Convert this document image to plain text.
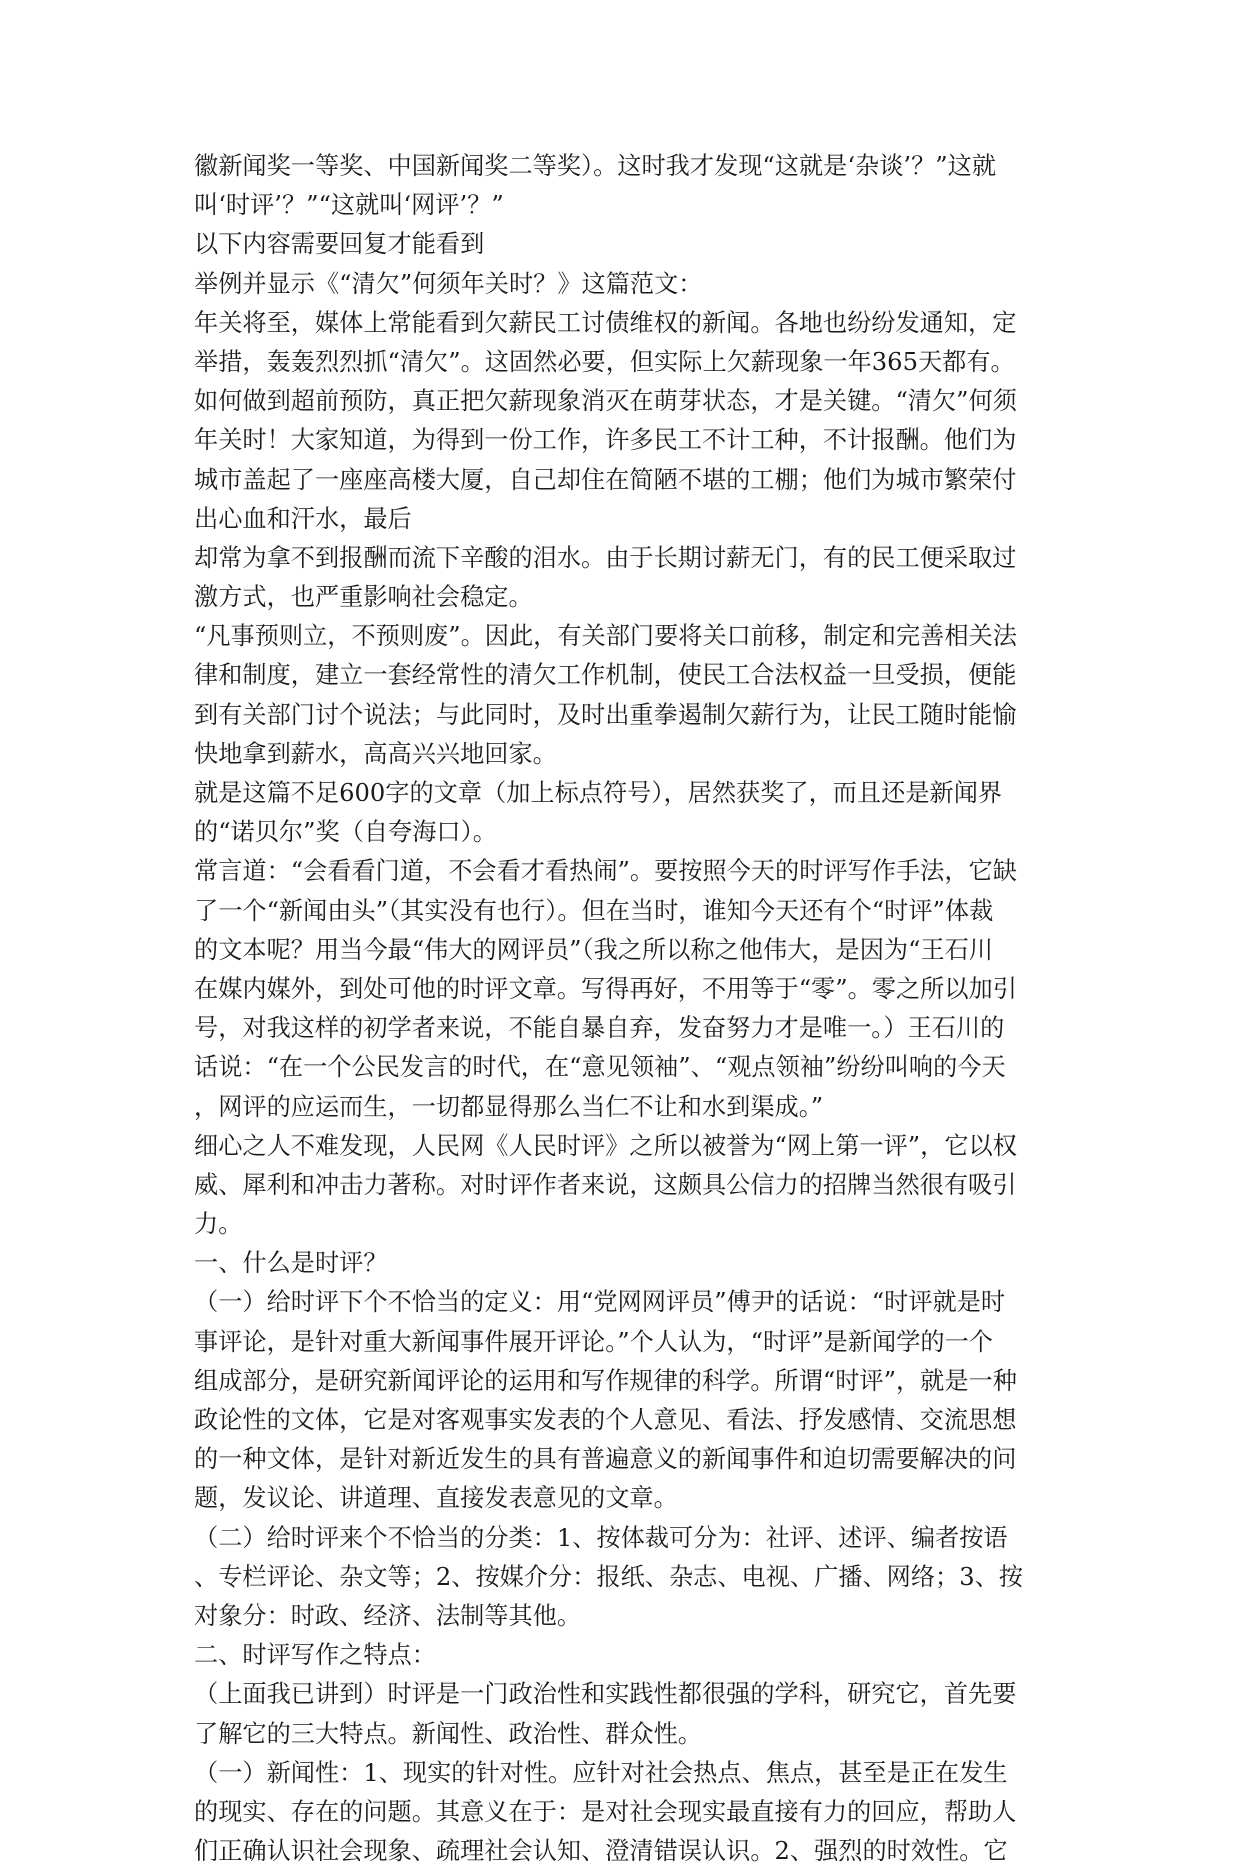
徽新闻奖一等奖、中国新闻奖二等奖）。这时我才发现“这就是‘杂谈’？”这就
叫‘时评’？”“这就叫‘网评’？”
以下内容需要回复才能看到
举例并显示《“清欠”何须年关时？》这篇范文：
年关将至，媒体上常能看到欠薪民工讨债维权的新闻。各地也纷纷发通知，定
举措，轰轰烈烈抓“清欠”。这固然必要，但实际上欠薪现象一年365天都有。
如何做到超前预防，真正把欠薪现象消灭在萌芽状态，才是关键。“清欠”何须
年关时！大家知道，为得到一份工作，许多民工不计工种，不计报酬。他们为
城市盖起了一座座高楼大厦，自己却住在简陋不堪的工棚；他们为城市繁荣付
出心血和汗水，最后
却常为拿不到报酬而流下辛酸的泪水。由于长期讨薪无门，有的民工便采取过
激方式，也严重影响社会稳定。
“凡事预则立，不预则废”。因此，有关部门要将关口前移，制定和完善相关法
律和制度，建立一套经常性的清欠工作机制，使民工合法权益一旦受损，便能
到有关部门讨个说法；与此同时，及时出重拳遏制欠薪行为，让民工随时能愉
快地拿到薪水，高高兴兴地回家。
就是这篇不足600字的文章（加上标点符号），居然获奖了，而且还是新闻界
的“诺贝尔”奖（自夸海口）。
常言道：“会看看门道，不会看才看热闹”。要按照今天的时评写作手法，它缺
了一个“新闻由头”（其实没有也行）。但在当时，谁知今天还有个“时评”体裁
的文本呢？用当今最“伟大的网评员”（我之所以称之他伟大，是因为“王石川
在媒内媒外，到处可他的时评文章。写得再好，不用等于“零”。零之所以加引
号，对我这样的初学者来说，不能自暴自弃，发奋努力才是唯一。）王石川的
话说：“在一个公民发言的时代，在“意见领袖”、“观点领袖”纷纷叫响的今天
，网评的应运而生，一切都显得那么当仁不让和水到渠成。”
细心之人不难发现，人民网《人民时评》之所以被誉为“网上第一评”，它以权
威、犀利和冲击力著称。对时评作者来说，这颇具公信力的招牌当然很有吸引
力。
一、什么是时评？
（一）给时评下个不恰当的定义：用“党网网评员”傅尹的话说：“时评就是时
事评论，是针对重大新闻事件展开评论。”个人认为，“时评”是新闻学的一个
组成部分，是研究新闻评论的运用和写作规律的科学。所谓“时评”，就是一种
政论性的文体，它是对客观事实发表的个人意见、看法、抒发感情、交流思想
的一种文体，是针对新近发生的具有普遍意义的新闻事件和迫切需要解决的问
题，发议论、讲道理、直接发表意见的文章。
（二）给时评来个不恰当的分类：1、按体裁可分为：社评、述评、编者按语
、专栏评论、杂文等；2、按媒介分：报纸、杂志、电视、广播、网络；3、按
对象分：时政、经济、法制等其他。
二、时评写作之特点：
（上面我已讲到）时评是一门政治性和实践性都很强的学科，研究它，首先要
了解它的三大特点。新闻性、政治性、群众性。
（一）新闻性：1、现实的针对性。应针对社会热点、焦点，甚至是正在发生
的现实、存在的问题。其意义在于：是对社会现实最直接有力的回应，帮助人
们正确认识社会现象、疏理社会认知、澄清错误认识。2、强烈的时效性。它
